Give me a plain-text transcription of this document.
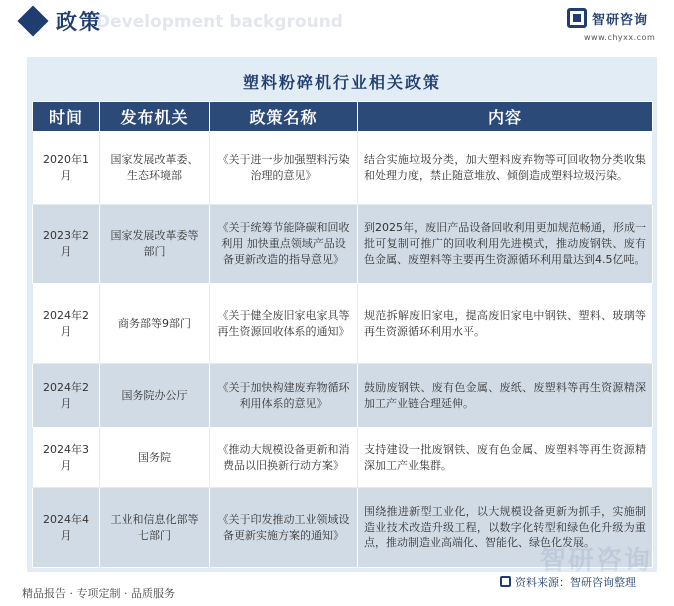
Development background
政策	智研咨询
www.chyxx.com
塑料粉碎机行业相关政策
时间	发布机关	政策名称	内容
2020年1月	国家发展改革委、生态环境部	《关于进一步加强塑料污染治理的意见》	结合实施垃圾分类，加大塑料废弃物等可回收物分类收集和处理力度，禁止随意堆放、倾倒造成塑料垃圾污染。
2023年2月	国家发展改革委等部门	《关于统筹节能降碳和回收利用 加快重点领域产品设备更新改造的指导意见》	到2025年，废旧产品设备回收利用更加规范畅通，形成一批可复制可推广的回收利用先进模式，推动废钢铁、废有色金属、废塑料等主要再生资源循环利用量达到4.5亿吨。
2024年2月	商务部等9部门	《关于健全废旧家电家具等再生资源回收体系的通知》	规范拆解废旧家电，提高废旧家电中钢铁、塑料、玻璃等再生资源循环利用水平。
2024年2月	国务院办公厅	《关于加快构建废弃物循环利用体系的意见》	鼓励废钢铁、废有色金属、废纸、废塑料等再生资源精深加工产业链合理延伸。
2024年3月	国务院	《推动大规模设备更新和消费品以旧换新行动方案》	支持建设一批废钢铁、废有色金属、废塑料等再生资源精深加工产业集群。
2024年4月	工业和信息化部等七部门	《关于印发推动工业领域设备更新实施方案的通知》	围绕推进新型工业化，以大规模设备更新为抓手，实施制造业技术改造升级工程，以数字化转型和绿色化升级为重点，推动制造业高端化、智能化、绿色化发展。
智研咨询
精品报告 · 专项定制 · 品质服务
资料来源：智研咨询整理
